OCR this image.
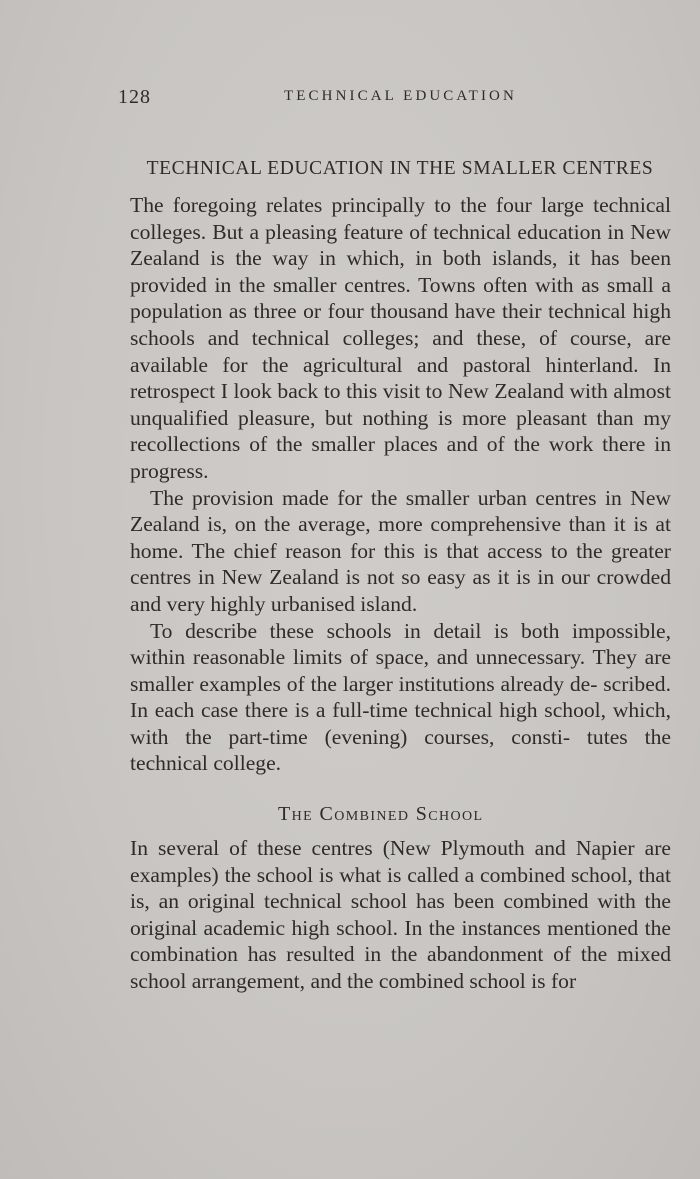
128	TECHNICAL EDUCATION
TECHNICAL EDUCATION IN THE SMALLER CENTRES

The foregoing relates principally to the four large technical colleges. But a pleasing feature of technical education in New Zealand is the way in which, in both islands, it has been provided in the smaller centres. Towns often with as small a population as three or four thousand have their technical high schools and technical colleges; and these, of course, are available for the agricultural and pastoral hinterland. In retrospect I look back to this visit to New Zealand with almost unqualified pleasure, but nothing is more pleasant than my recollections of the smaller places and of the work there in progress.

The provision made for the smaller urban centres in New Zealand is, on the average, more comprehensive than it is at home. The chief reason for this is that access to the greater centres in New Zealand is not so easy as it is in our crowded and very highly urbanised island.

To describe these schools in detail is both impossible, within reasonable limits of space, and unnecessary. They are smaller examples of the larger institutions already de- scribed. In each case there is a full-time technical high school, which, with the part-time (evening) courses, consti- tutes the technical college.

The Combined School

In several of these centres (New Plymouth and Napier are examples) the school is what is called a combined school, that is, an original technical school has been combined with the original academic high school. In the instances mentioned the combination has resulted in the abandonment of the mixed school arrangement, and the combined school is for
